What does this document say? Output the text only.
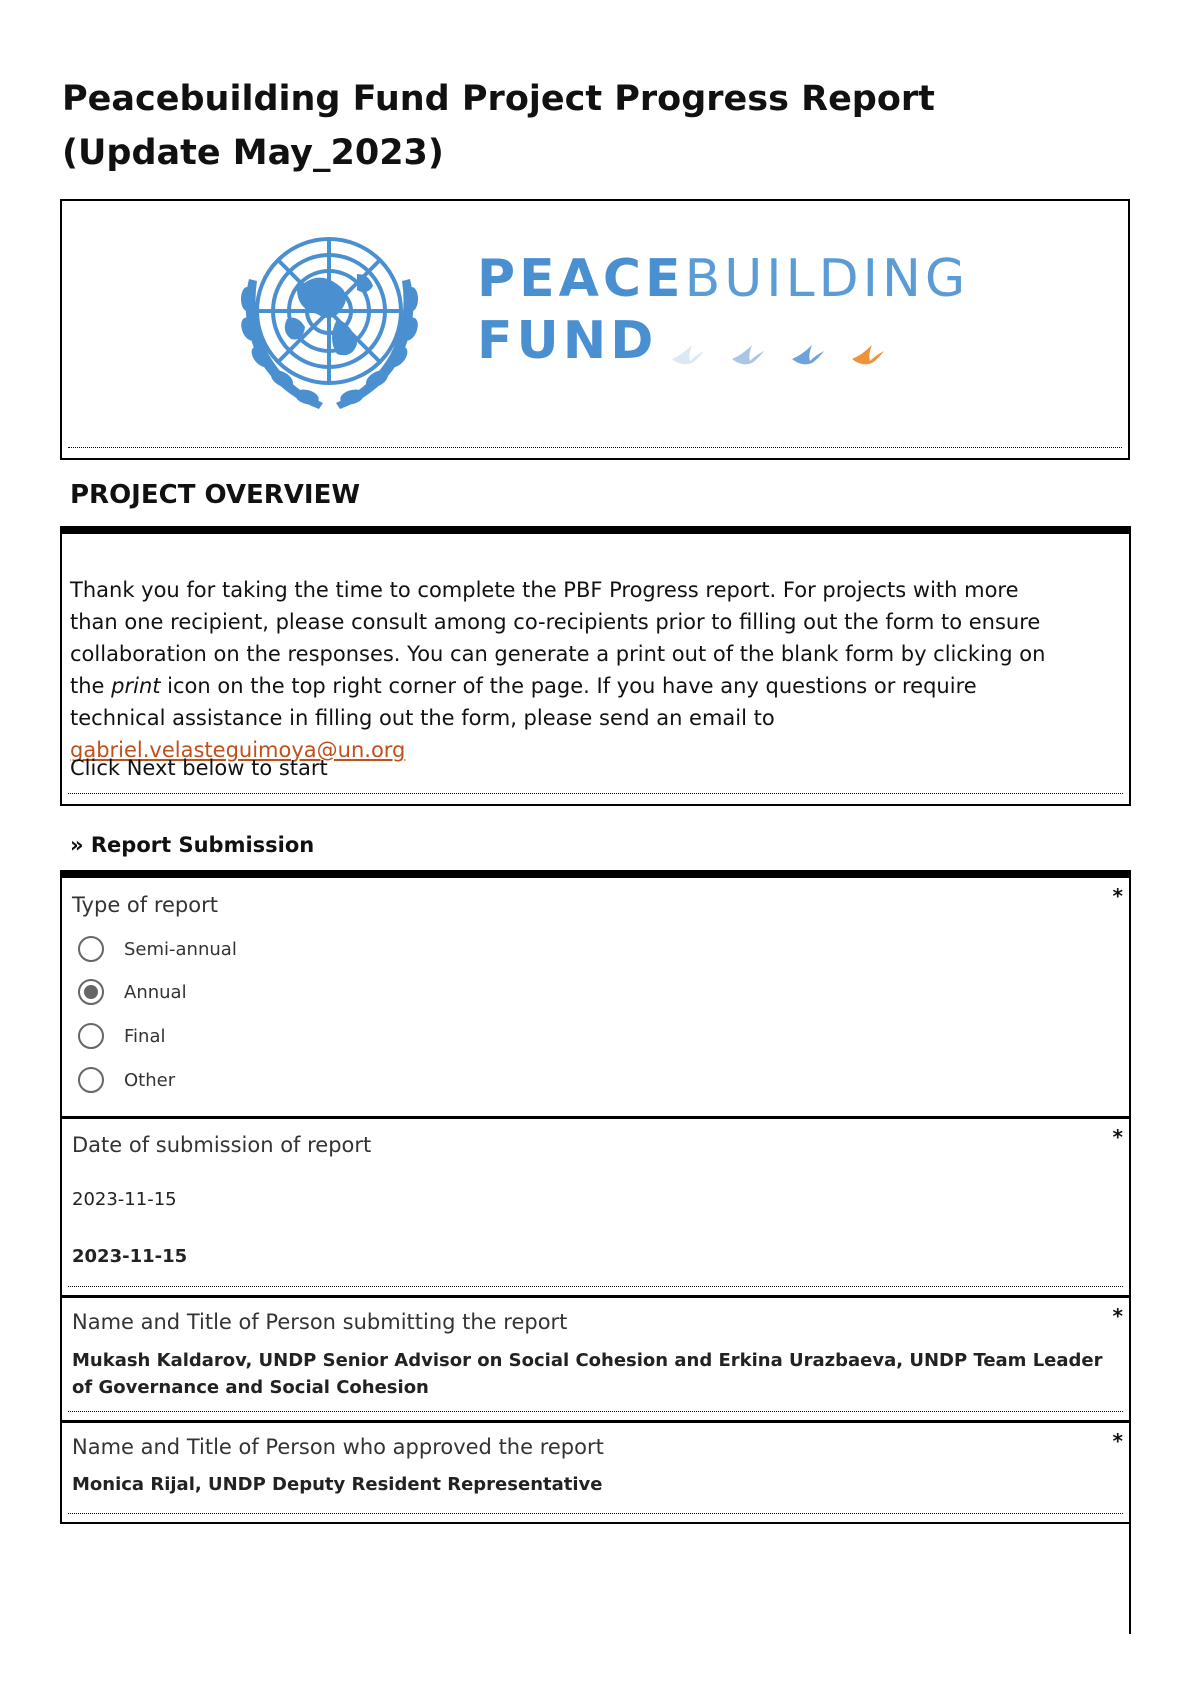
Peacebuilding Fund Project Progress Report (Update May_2023)
PEACEBUILDING
FUND
PROJECT OVERVIEW

Thank you for taking the time to complete the PBF Progress report. For projects with more than one recipient, please consult among co-recipients prior to filling out the form to ensure collaboration on the responses. You can generate a print out of the blank form by clicking on the print icon on the top right corner of the page. If you have any questions or require technical assistance in filling out the form, please send an email to gabriel.velasteguimoya@un.org

Click Next below to start

» Report Submission
*
Type of report
Semi-annual
Annual
Final
Other
*
Date of submission of report
2023-11-15
2023-11-15
*
Name and Title of Person submitting the report
Mukash Kaldarov, UNDP Senior Advisor on Social Cohesion and Erkina Urazbaeva, UNDP Team Leader of Governance and Social Cohesion
*
Name and Title of Person who approved the report
Monica Rijal, UNDP Deputy Resident Representative
